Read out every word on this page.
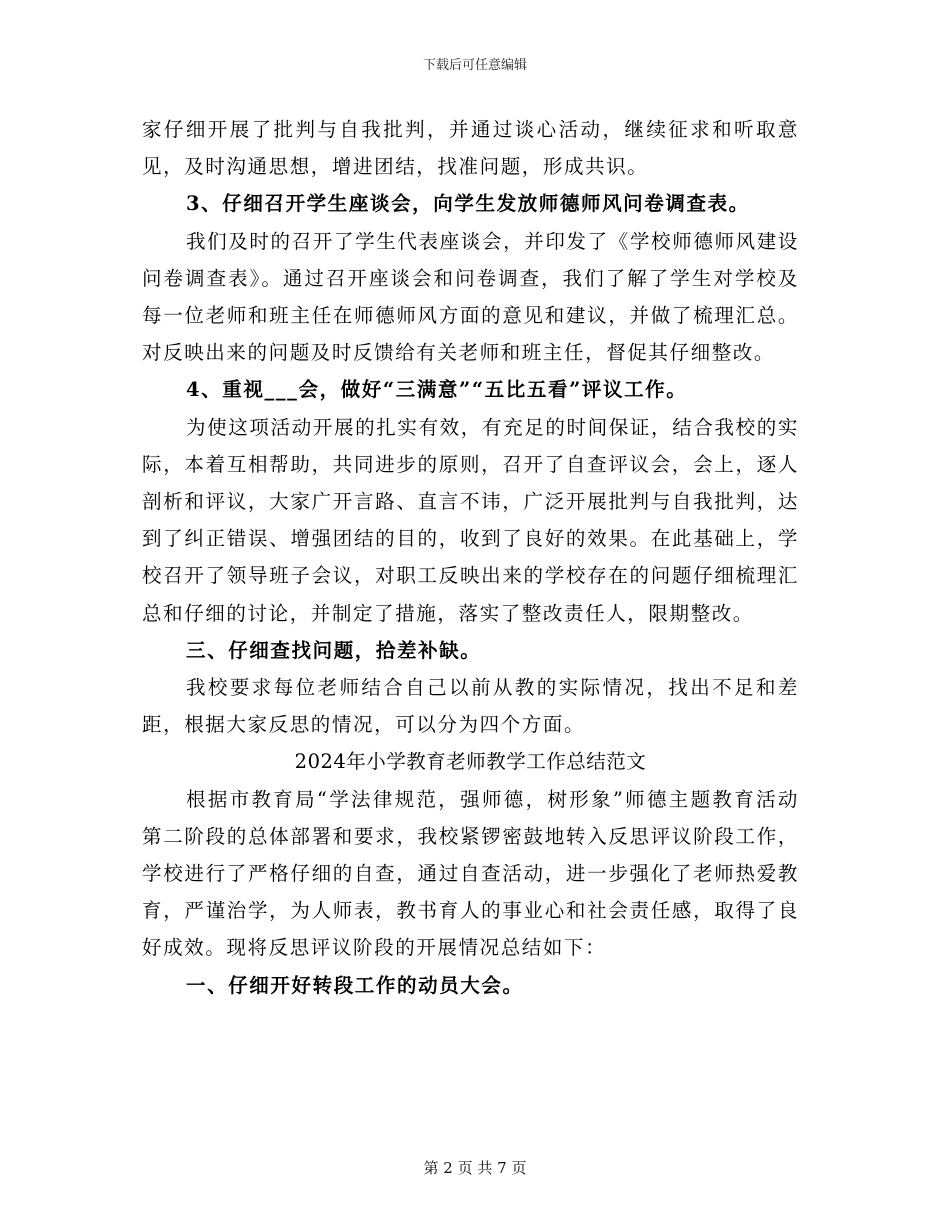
下载后可任意编辑

家仔细开展了批判与自我批判，并通过谈心活动，继续征求和听取意见，及时沟通思想，增进团结，找准问题，形成共识。

3、仔细召开学生座谈会，向学生发放师德师风问卷调查表。

我们及时的召开了学生代表座谈会，并印发了《学校师德师风建设问卷调查表》。通过召开座谈会和问卷调查，我们了解了学生对学校及每一位老师和班主任在师德师风方面的意见和建议，并做了梳理汇总。对反映出来的问题及时反馈给有关老师和班主任，督促其仔细整改。

4、重视___会，做好“三满意”“五比五看”评议工作。

为使这项活动开展的扎实有效，有充足的时间保证，结合我校的实际，本着互相帮助，共同进步的原则，召开了自查评议会，会上，逐人剖析和评议，大家广开言路、直言不讳，广泛开展批判与自我批判，达到了纠正错误、增强团结的目的，收到了良好的效果。在此基础上，学校召开了领导班子会议，对职工反映出来的学校存在的问题仔细梳理汇总和仔细的讨论，并制定了措施，落实了整改责任人，限期整改。

三、仔细查找问题，拾差补缺。

我校要求每位老师结合自己以前从教的实际情况，找出不足和差距，根据大家反思的情况，可以分为四个方面。

2024年小学教育老师教学工作总结范文

根据市教育局“学法律规范，强师德，树形象”师德主题教育活动第二阶段的总体部署和要求，我校紧锣密鼓地转入反思评议阶段工作，学校进行了严格仔细的自查，通过自查活动，进一步强化了老师热爱教育，严谨治学，为人师表，教书育人的事业心和社会责任感，取得了良好成效。现将反思评议阶段的开展情况总结如下：

一、仔细开好转段工作的动员大会。

第 2 页 共 7 页
